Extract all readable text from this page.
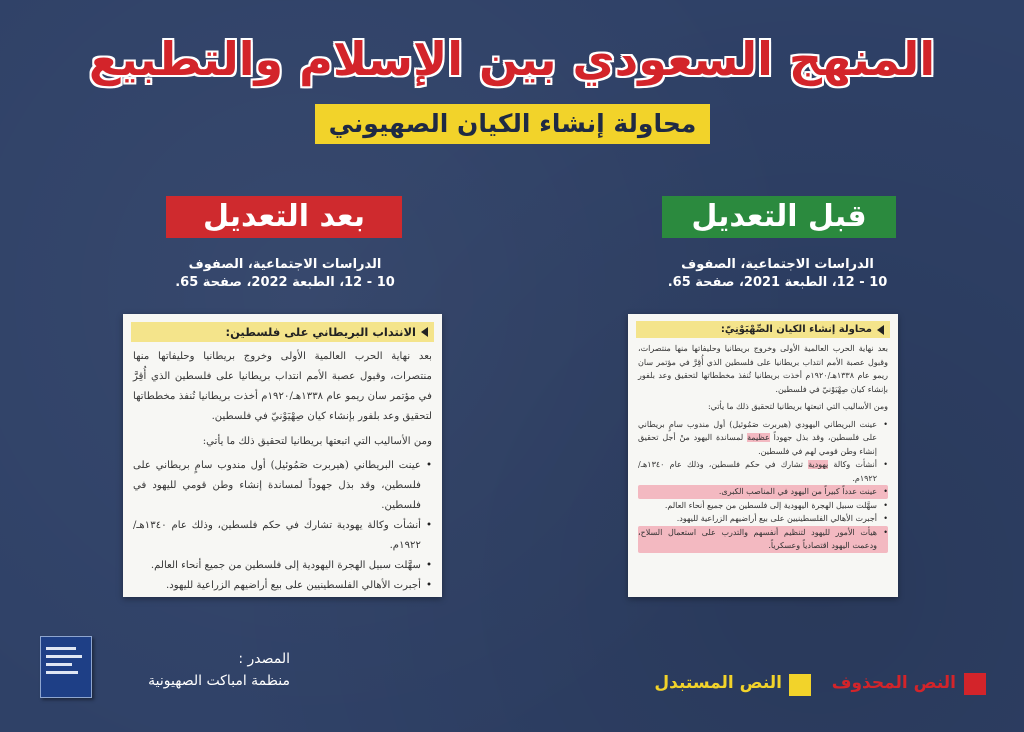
المنهج السعودي بين الإسلام والتطبيع
محاولة إنشاء الكيان الصهيوني
بعد التعديل	قبل التعديل
الدراسات الاجتماعية، الصفوف
10 - 12، الطبعة 2022، صفحة 65.
الدراسات الاجتماعية، الصفوف
10 - 12، الطبعة 2021، صفحة 65.
الانتداب البريطاني على فلسطين:
بعد نهاية الحرب العالمية الأولى وخروج بريطانيا وحليفاتها منها منتصرات، وقبول عصبة الأمم انتداب بريطانيا على فلسطين الذي أُقِرَّ في مؤتمر سان ريمو عام ١٣٣٨هـ/١٩٢٠م أخذت بريطانيا تُنفذ مخططاتها لتحقيق وعد بلفور بإنشاء كيان صِهْيَوْنيّ في فلسطين.
ومن الأساليب التي اتبعتها بريطانيا لتحقيق ذلك ما يأتي:
• عينت البريطاني (هيربرت صَمُوئيل) أول مندوب سامٍ بريطاني على فلسطين، وقد بذل جهوداً لمساندة إنشاء وطن قومي لليهود في فلسطين.
• أنشأت وكالة يهودية تشارك في حكم فلسطين، وذلك عام ١٣٤٠هـ/١٩٢٢م.
• سهَّلت سبيل الهجرة اليهودية إلى فلسطين من جميع أنحاء العالم.
• أجبرت الأهالي الفلسطينيين على بيع أراضيهم الزراعية لليهود.
محاولة إنشاء الكيان الصِّهْيَوْنِيّ:
بعد نهاية الحرب العالمية الأولى وخروج بريطانيا وحليفاتها منها منتصرات، وقبول عصبة الأمم انتداب بريطانيا على فلسطين الذي أُقِرَّ في مؤتمر سان ريمو عام ١٣٣٨هـ/١٩٢٠م أخذت بريطانيا تُنفذ مخططاتها لتحقيق وعد بلفور بإنشاء كيان صِهْيَوْنيّ في فلسطين.
ومن الأساليب التي اتبعتها بريطانيا لتحقيق ذلك ما يأتي:
• عينت البريطاني اليهودي (هيربرت صَمُوئيل) أول مندوب سامٍ بريطاني على فلسطين، وقد بذل جهوداً عظيمة لمساندة اليهود منْ أجل تحقيق إنشاء وطن قومي لهم في فلسطين.
• أنشأت وكالة يهودية تشارك في حكم فلسطين، وذلك عام ١٣٤٠هـ/١٩٢٢م.
• عينت عدداً كبيراً من اليهود في المناصب الكبرى.
• سهَّلت سبيل الهجرة اليهودية إلى فلسطين من جميع أنحاء العالم.
• أجبرت الأهالي الفلسطينيين على بيع أراضيهم الزراعية لليهود.
• هيأت الأمور لليهود لتنظيم أنفسهم والتدرب على استعمال السلاح، ودعمت اليهود اقتصادياً وعسكرياً.
المصدر :
منظمة امباكت الصهيونية	النص المحذوف
النص المستبدل
